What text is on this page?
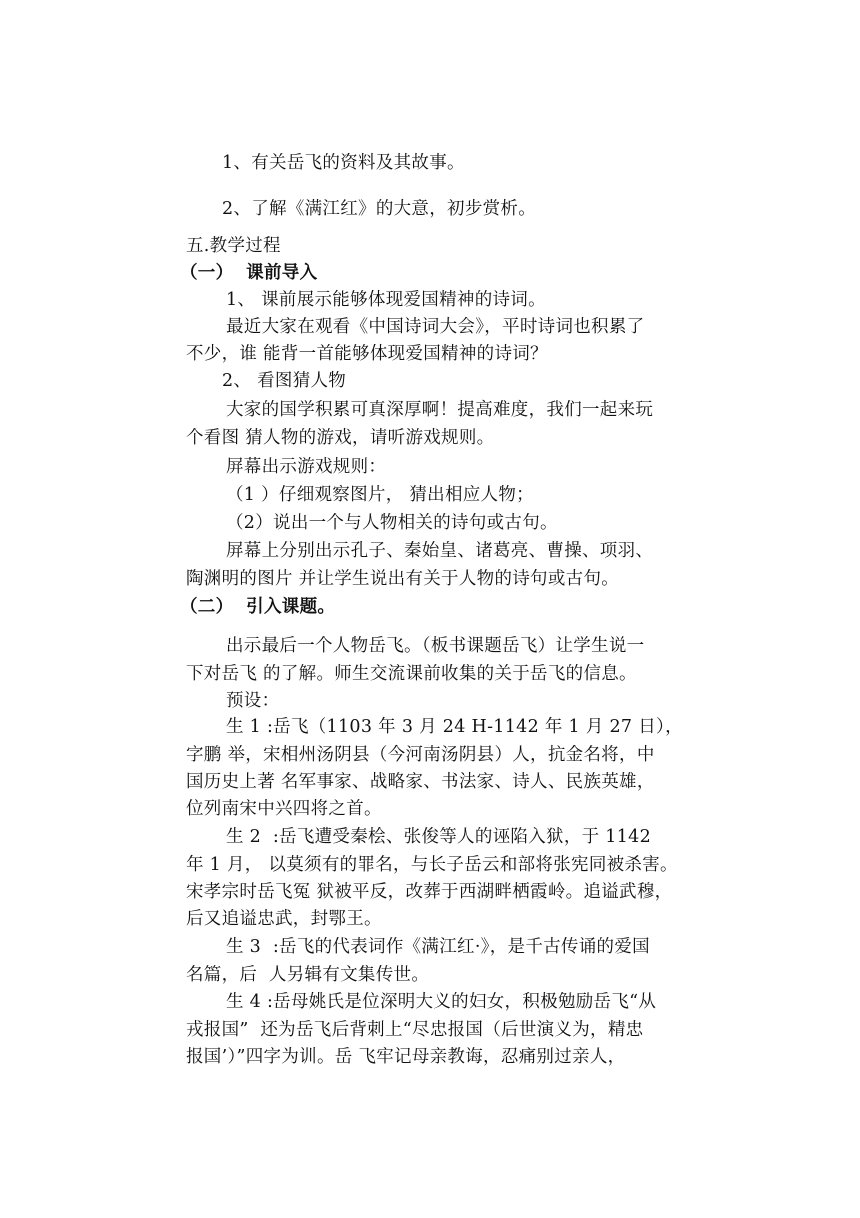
1、有关岳飞的资料及其故事。
2、了解《满江红》的大意，初步赏析。
五.教学过程
（一）  课前导入
1、 课前展示能够体现爱国精神的诗词。
最近大家在观看《中国诗词大会》，平时诗词也积累了
不少，谁 能背一首能够体现爱国精神的诗词？
2、 看图猜人物
大家的国学积累可真深厚啊！提高难度，我们一起来玩
个看图 猜人物的游戏，请听游戏规则。
屏幕出示游戏规则：
（1 ）仔细观察图片， 猜出相应人物；
（2）说出一个与人物相关的诗句或古句。
屏幕上分别出示孔子、秦始皇、诸葛亮、曹操、项羽、
陶渊明的图片 并让学生说出有关于人物的诗句或古句。
（二）  引入课题。
出示最后一个人物岳飞。（板书课题岳飞）让学生说一
下对岳飞 的了解。师生交流课前收集的关于岳飞的信息。
预设：
生 1 :岳飞（1103 年 3 月 24 H-1142 年 1 月 27 日），
字鹏 举，宋相州汤阴县（今河南汤阴县）人，抗金名将，中
国历史上著 名军事家、战略家、书法家、诗人、民族英雄，
位列南宋中兴四将之首。
生 2  :岳飞遭受秦桧、张俊等人的诬陷入狱，于 1142
年 1 月， 以莫须有的罪名，与长子岳云和部将张宪同被杀害。
宋孝宗时岳飞冤 狱被平反，改葬于西湖畔栖霞岭。追谥武穆，
后又追谥忠武，封鄂王。
生 3  :岳飞的代表词作《满江红·》，是千古传诵的爱国
名篇，后  人另辑有文集传世。
生 4 :岳母姚氏是位深明大义的妇女，积极勉励岳飞“从
戎报国”  还为岳飞后背刺上“尽忠报国（后世演义为，精忠
报国’）”四字为训。岳 飞牢记母亲教诲，忍痛别过亲人，
